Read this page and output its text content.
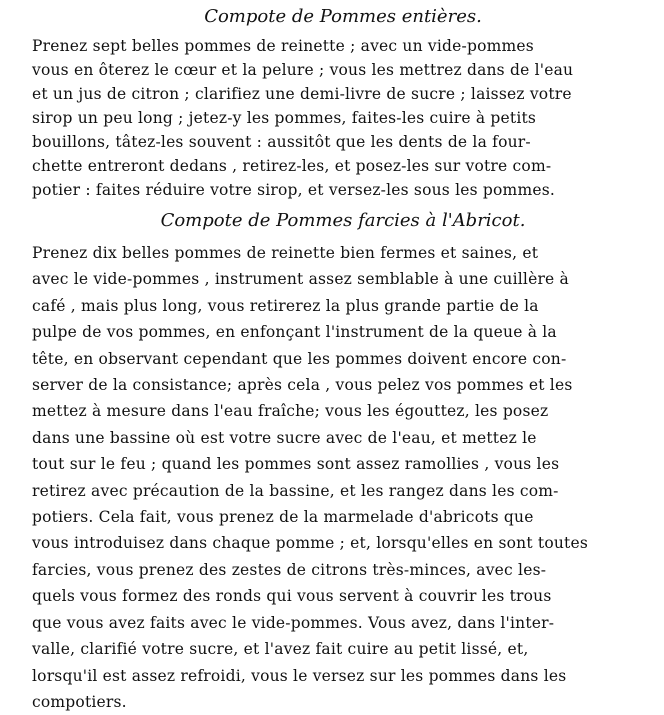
Compote de Pommes entières.

Prenez sept belles pommes de reinette ; avec un vide-pommes
vous en ôterez le cœur et la pelure ; vous les mettrez dans de l'eau
et un jus de citron ; clarifiez une demi-livre de sucre ; laissez votre
sirop un peu long ; jetez-y les pommes, faites-les cuire à petits
bouillons, tâtez-les souvent : aussitôt que les dents de la four-
chette entreront dedans , retirez-les, et posez-les sur votre com-
potier : faites réduire votre sirop, et versez-les sous les pommes.

Compote de Pommes farcies à l'Abricot.

Prenez dix belles pommes de reinette bien fermes et saines, et
avec le vide-pommes , instrument assez semblable à une cuillère à
café , mais plus long, vous retirerez la plus grande partie de la
pulpe de vos pommes, en enfonçant l'instrument de la queue à la
tête, en observant cependant que les pommes doivent encore con-
server de la consistance; après cela , vous pelez vos pommes et les
mettez à mesure dans l'eau fraîche; vous les égouttez, les posez
dans une bassine où est votre sucre avec de l'eau, et mettez le
tout sur le feu ; quand les pommes sont assez ramollies , vous les
retirez avec précaution de la bassine, et les rangez dans les com-
potiers. Cela fait, vous prenez de la marmelade d'abricots que
vous introduisez dans chaque pomme ; et, lorsqu'elles en sont toutes
farcies, vous prenez des zestes de citrons très-minces, avec les-
quels vous formez des ronds qui vous servent à couvrir les trous
que vous avez faits avec le vide-pommes. Vous avez, dans l'inter-
valle, clarifié votre sucre, et l'avez fait cuire au petit lissé, et,
lorsqu'il est assez refroidi, vous le versez sur les pommes dans les
compotiers.
